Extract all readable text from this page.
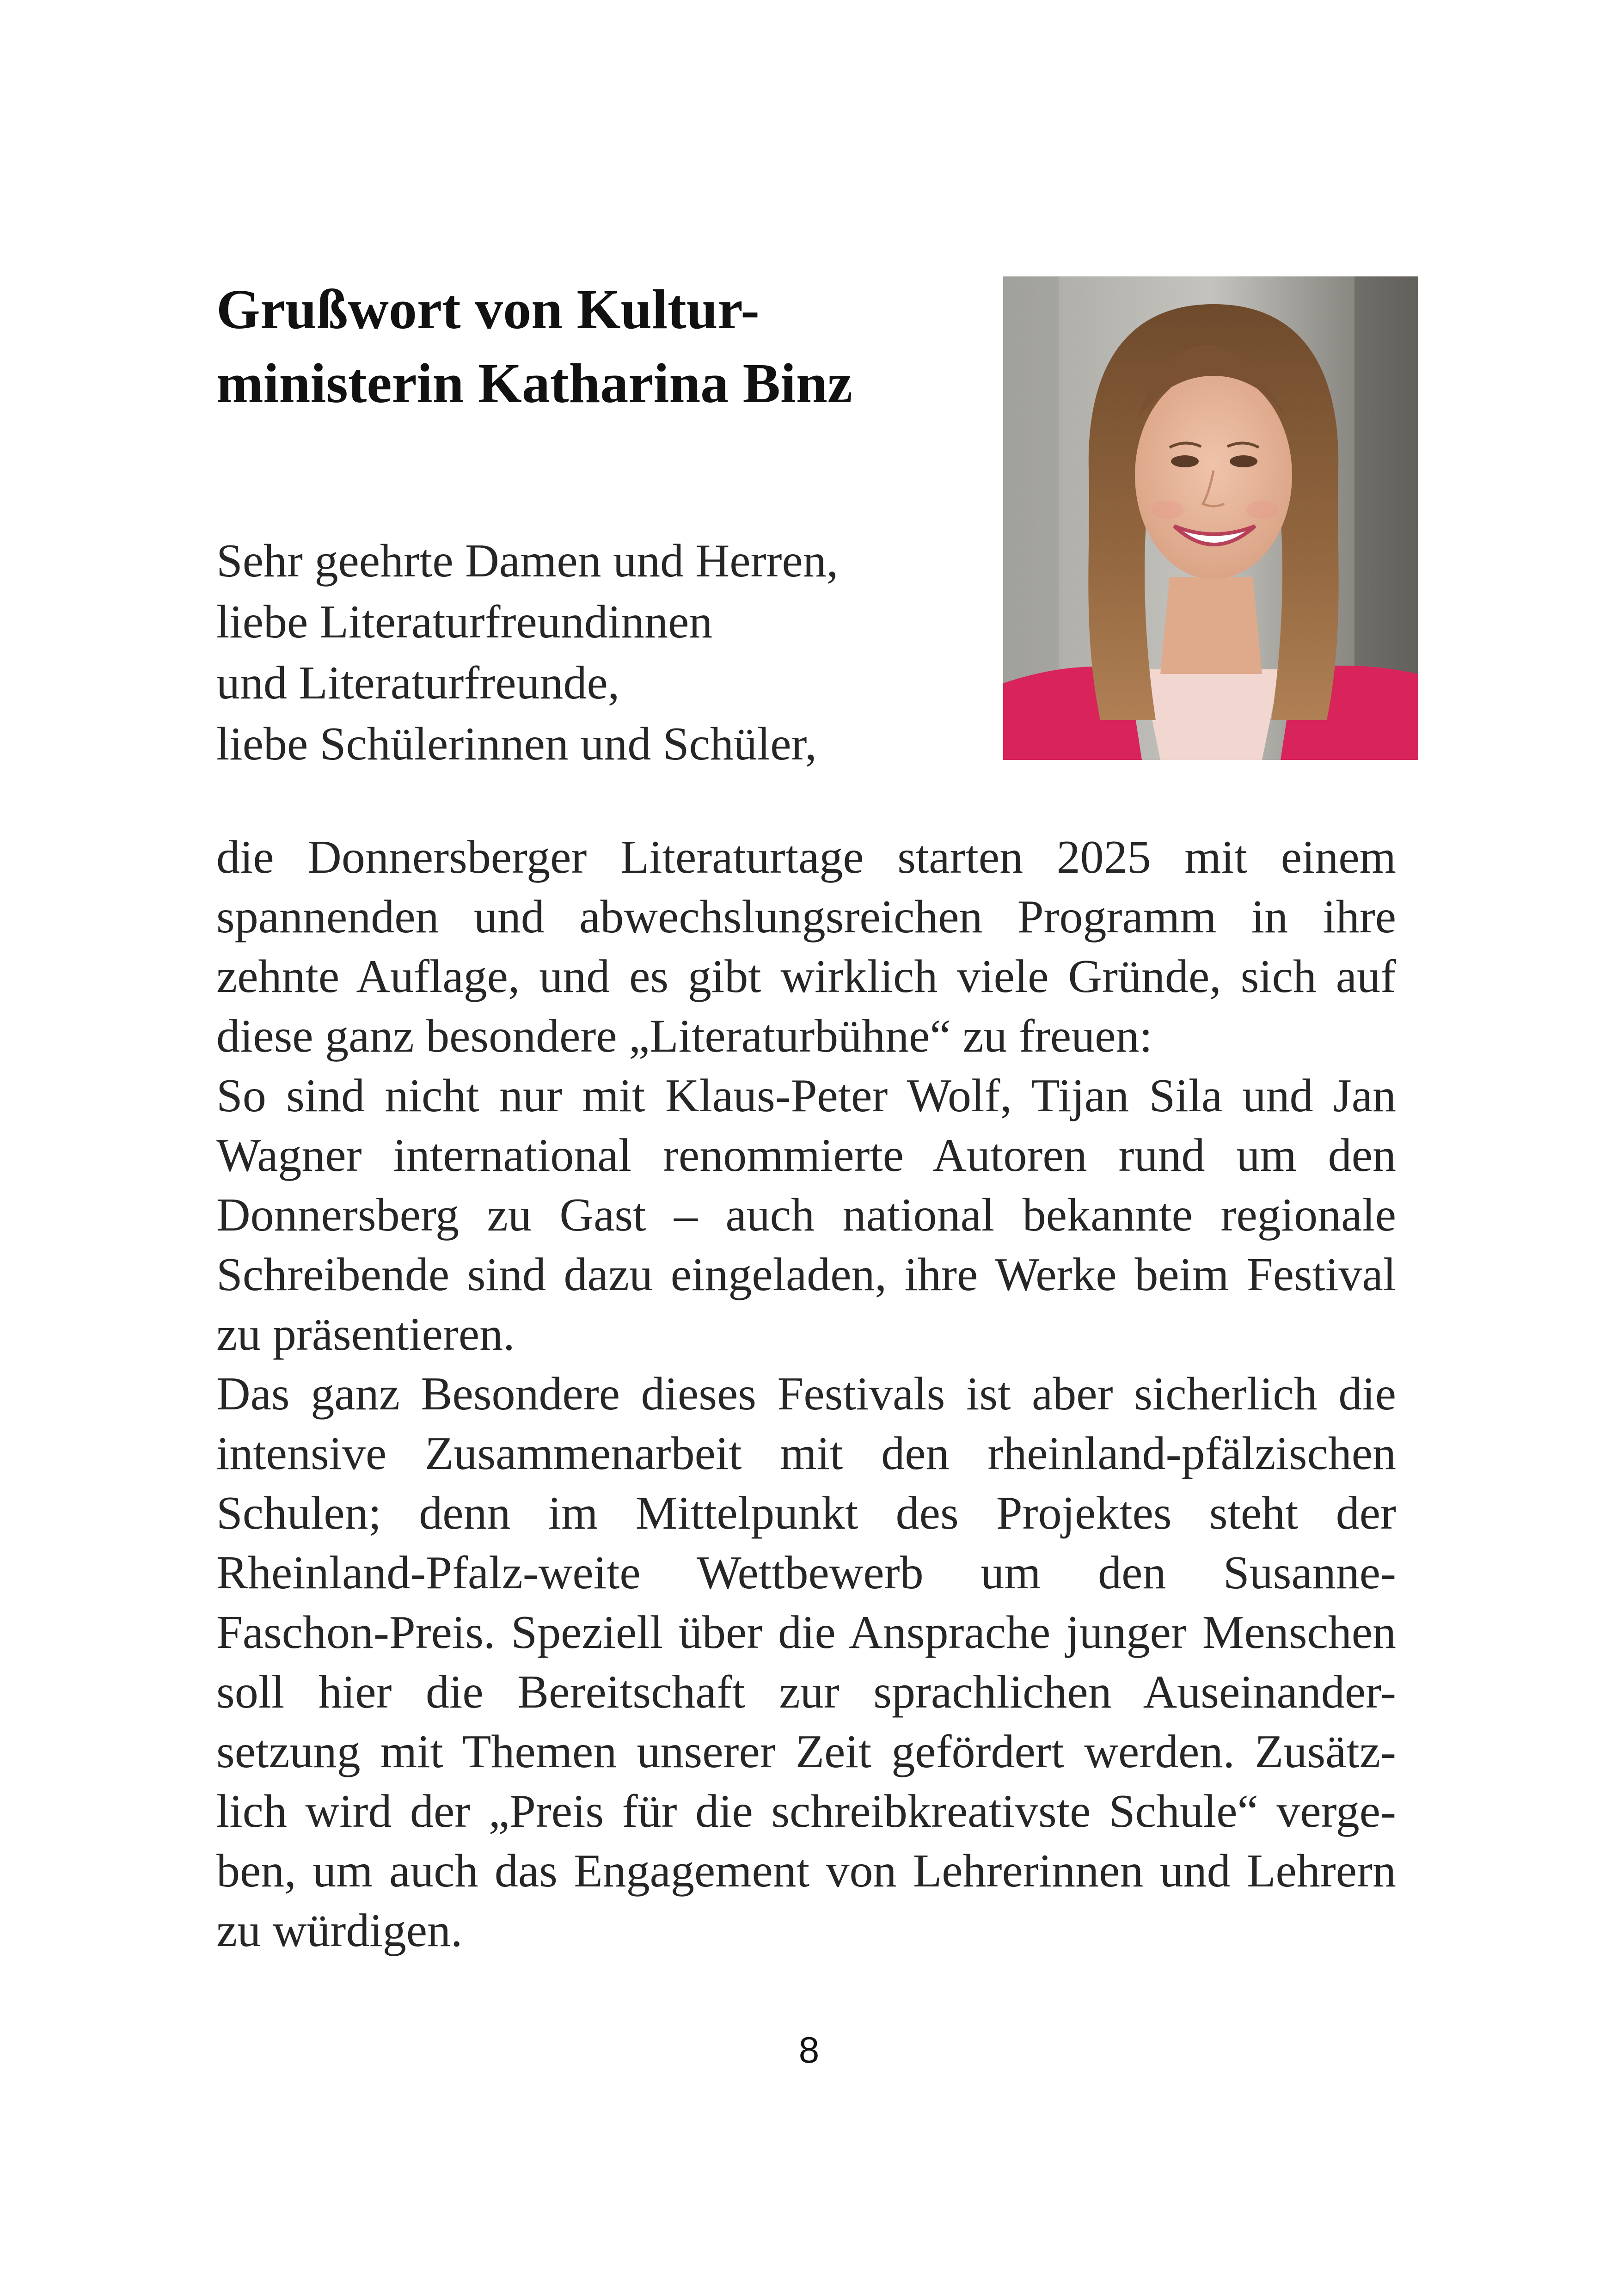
Grußwort von Kultur-
ministerin Katharina Binz
Sehr geehrte Damen und Herren,
liebe Literaturfreundinnen
und Literaturfreunde,
liebe Schülerinnen und Schüler,
die Donnersberger Literaturtage starten 2025 mit einem
spannenden und abwechslungsreichen Programm in ihre
zehnte Auflage, und es gibt wirklich viele Gründe, sich auf
diese ganz besondere „Literaturbühne“ zu freuen:
So sind nicht nur mit Klaus-Peter Wolf, Tijan Sila und Jan
Wagner international renommierte Autoren rund um den
Donnersberg zu Gast – auch national bekannte regionale
Schreibende sind dazu eingeladen, ihre Werke beim Festival
zu präsentieren.
Das ganz Besondere dieses Festivals ist aber sicherlich die
intensive Zusammenarbeit mit den rheinland-pfälzischen
Schulen; denn im Mittelpunkt des Projektes steht der
Rheinland-Pfalz-weite Wettbewerb um den Susanne-
Faschon-Preis. Speziell über die Ansprache junger Menschen
soll hier die Bereitschaft zur sprachlichen Auseinander-
setzung mit Themen unserer Zeit gefördert werden. Zusätz-
lich wird der „Preis für die schreibkreativste Schule“ verge-
ben, um auch das Engagement von Lehrerinnen und Lehrern
zu würdigen.
8
